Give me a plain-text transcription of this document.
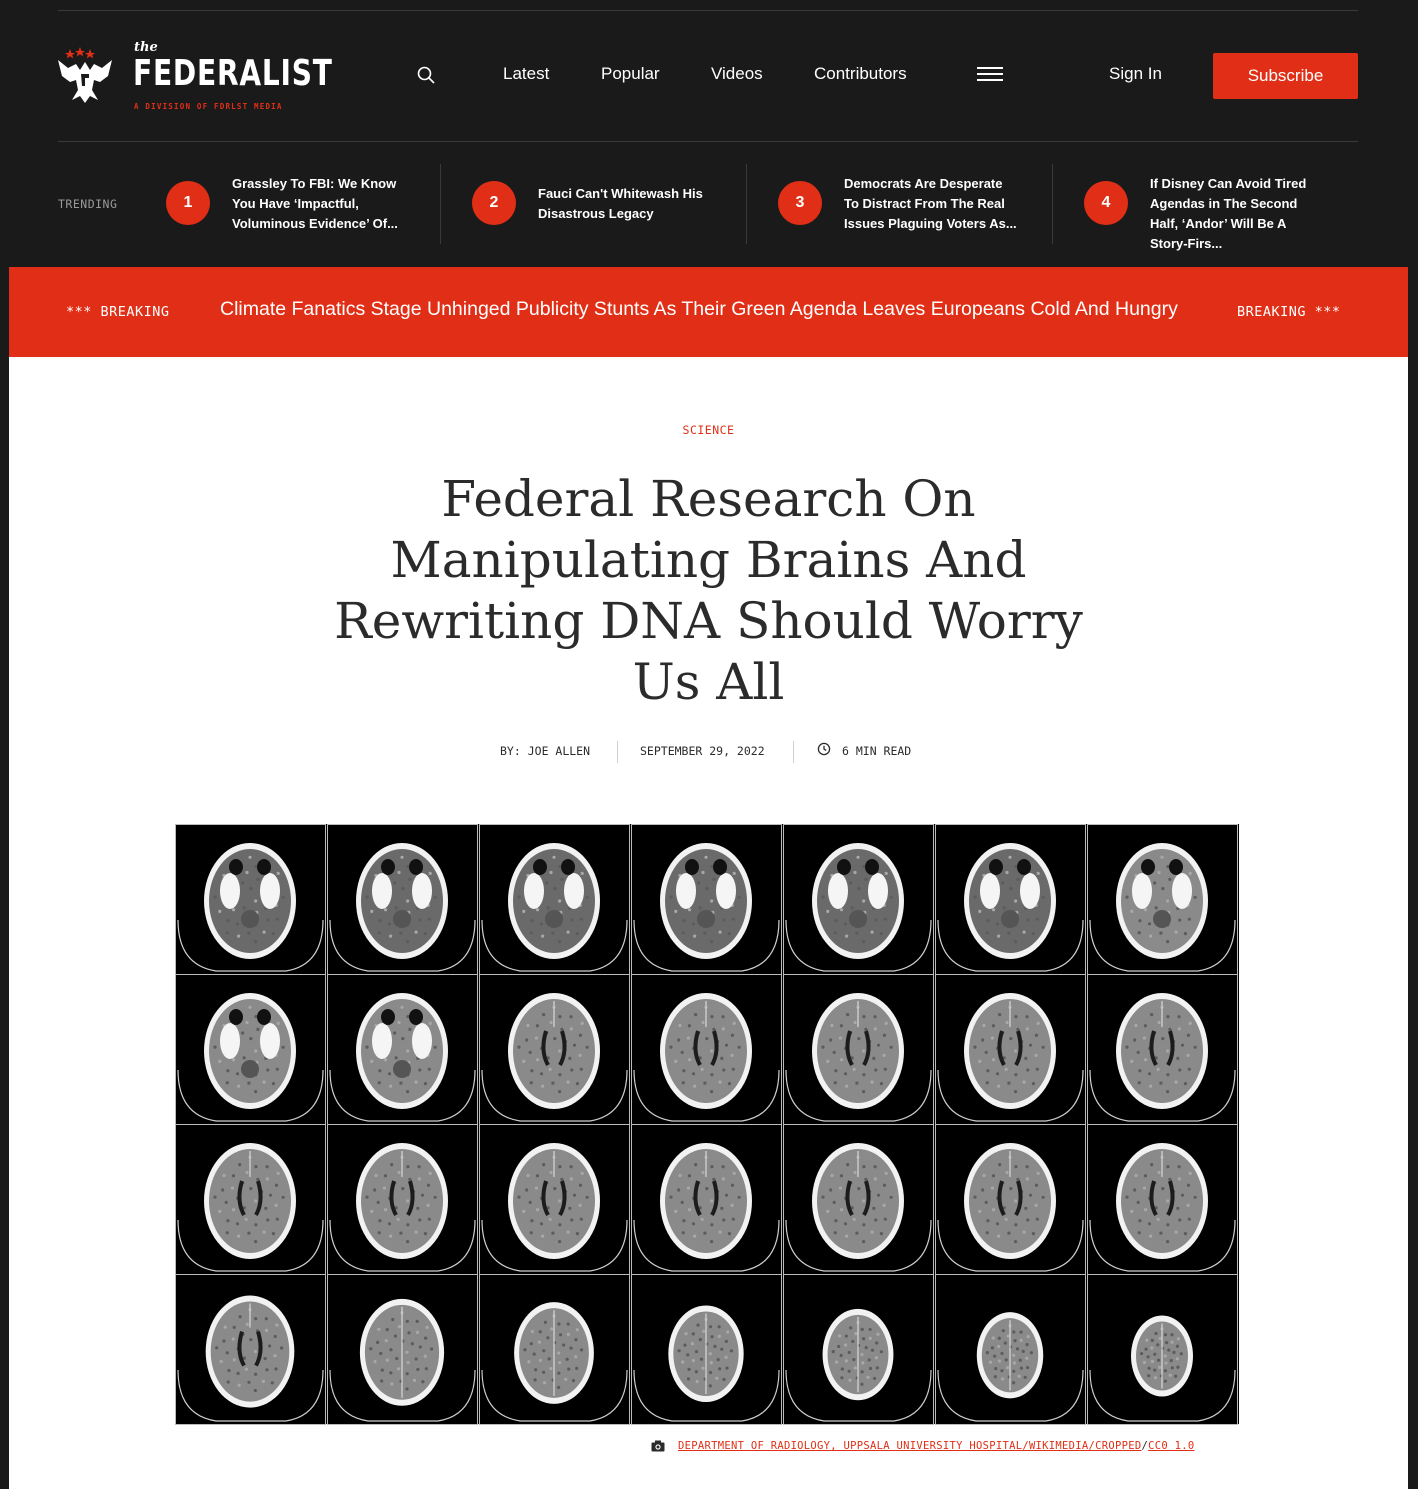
the
FEDERALIST
A DIVISION OF FDRLST MEDIA
Latest	Popular	Videos	Contributors	Sign In	Subscribe
TRENDING	1
Grassley To FBI: We Know You Have ‘Impactful, Voluminous Evidence’ Of...
2
Fauci Can't Whitewash His Disastrous Legacy
3
Democrats Are Desperate To Distract From The Real Issues Plaguing Voters As...
4
If Disney Can Avoid Tired Agendas in The Second Half, ‘Andor’ Will Be A Story-Firs...
*** BREAKING	Climate Fanatics Stage Unhinged Publicity Stunts As Their Green Agenda Leaves Europeans Cold And Hungry	BREAKING ***
SCIENCE
Federal Research On Manipulating Brains And Rewriting DNA Should Worry Us All
BY: JOE ALLEN	SEPTEMBER 29, 2022	6 MIN READ
DEPARTMENT OF RADIOLOGY, UPPSALA UNIVERSITY HOSPITAL/WIKIMEDIA/CROPPED/CC0 1.0
